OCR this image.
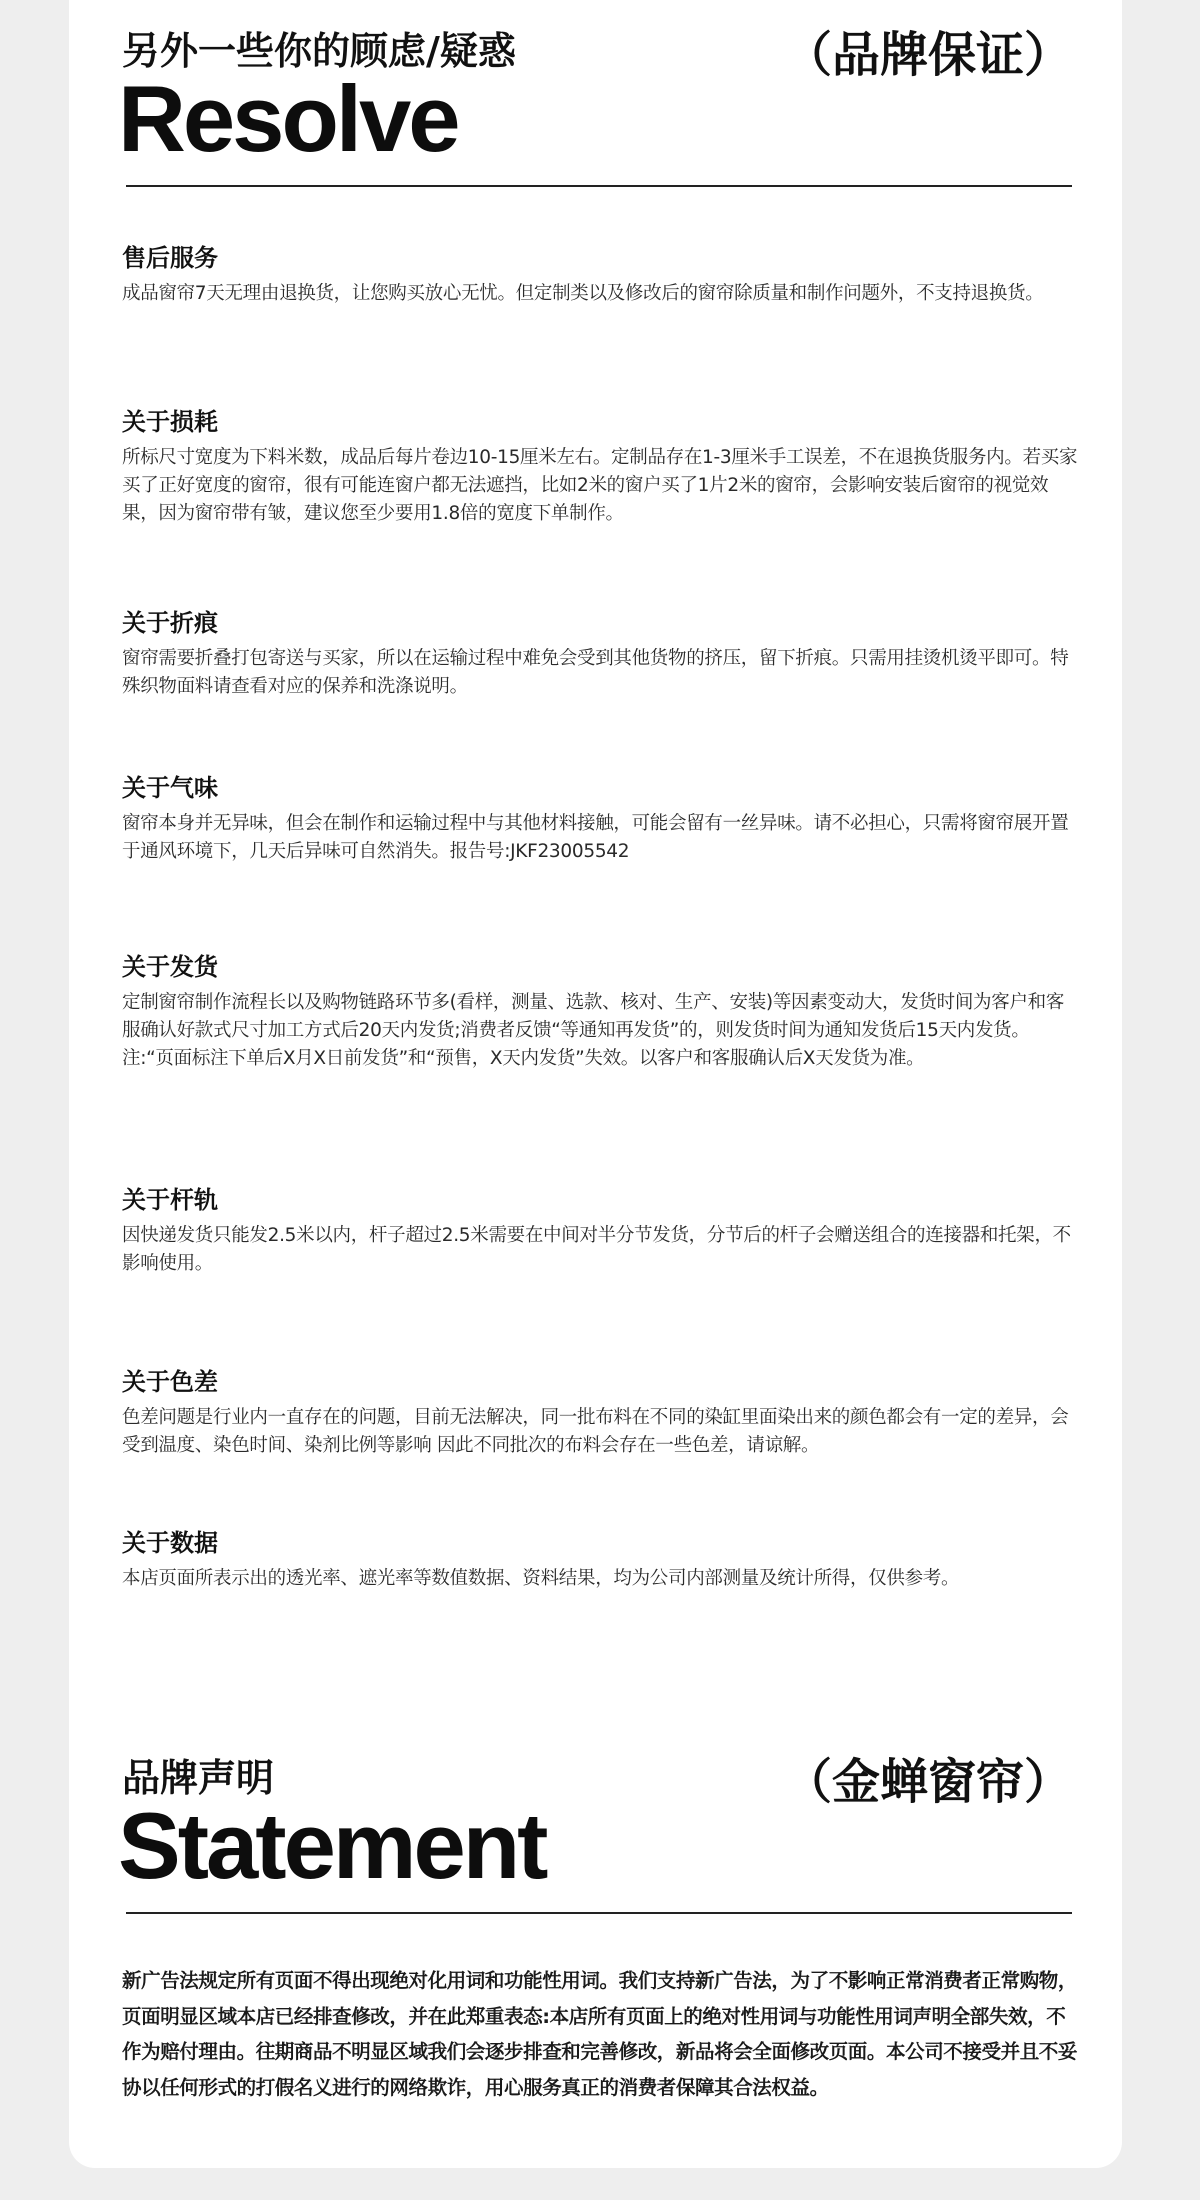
另外一些你的顾虑/疑惑	（品牌保证）
Resolve
售后服务

成品窗帘7天无理由退换货，让您购买放心无忧。但定制类以及修改后的窗帘除质量和制作问题外，不支持退换货。

关于损耗

所标尺寸宽度为下料米数，成品后每片卷边10-15厘米左右。定制品存在1-3厘米手工误差，不在退换货服务内。若买家买了正好宽度的窗帘，很有可能连窗户都无法遮挡，比如2米的窗户买了1片2米的窗帘，会影响安装后窗帘的视觉效果，因为窗帘带有皱，建议您至少要用1.8倍的宽度下单制作。

关于折痕

窗帘需要折叠打包寄送与买家，所以在运输过程中难免会受到其他货物的挤压，留下折痕。只需用挂烫机烫平即可。特殊织物面料请查看对应的保养和洗涤说明。

关于气味

窗帘本身并无异味，但会在制作和运输过程中与其他材料接触，可能会留有一丝异味。请不必担心，只需将窗帘展开置于通风环境下，几天后异味可自然消失。报告号:JKF23005542

关于发货

定制窗帘制作流程长以及购物链路环节多(看样，测量、选款、核对、生产、安装)等因素变动大，发货时间为客户和客服确认好款式尺寸加工方式后20天内发货;消费者反馈“等通知再发货”的，则发货时间为通知发货后15天内发货。注:“页面标注下单后X月X日前发货”和“预售，X天内发货”失效。以客户和客服确认后X天发货为准。

关于杆轨

因快递发货只能发2.5米以内，杆子超过2.5米需要在中间对半分节发货，分节后的杆子会赠送组合的连接器和托架，不影响使用。

关于色差

色差问题是行业内一直存在的问题，目前无法解决，同一批布料在不同的染缸里面染出来的颜色都会有一定的差异，会受到温度、染色时间、染剂比例等影响 因此不同批次的布料会存在一些色差，请谅解。

关于数据

本店页面所表示出的透光率、遮光率等数值数据、资料结果，均为公司内部测量及统计所得，仅供参考。

品牌声明	（金蝉窗帘）
Statement

新广告法规定所有页面不得出现绝对化用词和功能性用词。我们支持新广告法，为了不影响正常消费者正常购物，页面明显区域本店已经排查修改，并在此郑重表态:本店所有页面上的绝对性用词与功能性用词声明全部失效，不作为赔付理由。往期商品不明显区域我们会逐步排查和完善修改，新品将会全面修改页面。本公司不接受并且不妥协以任何形式的打假名义进行的网络欺诈，用心服务真正的消费者保障其合法权益。
